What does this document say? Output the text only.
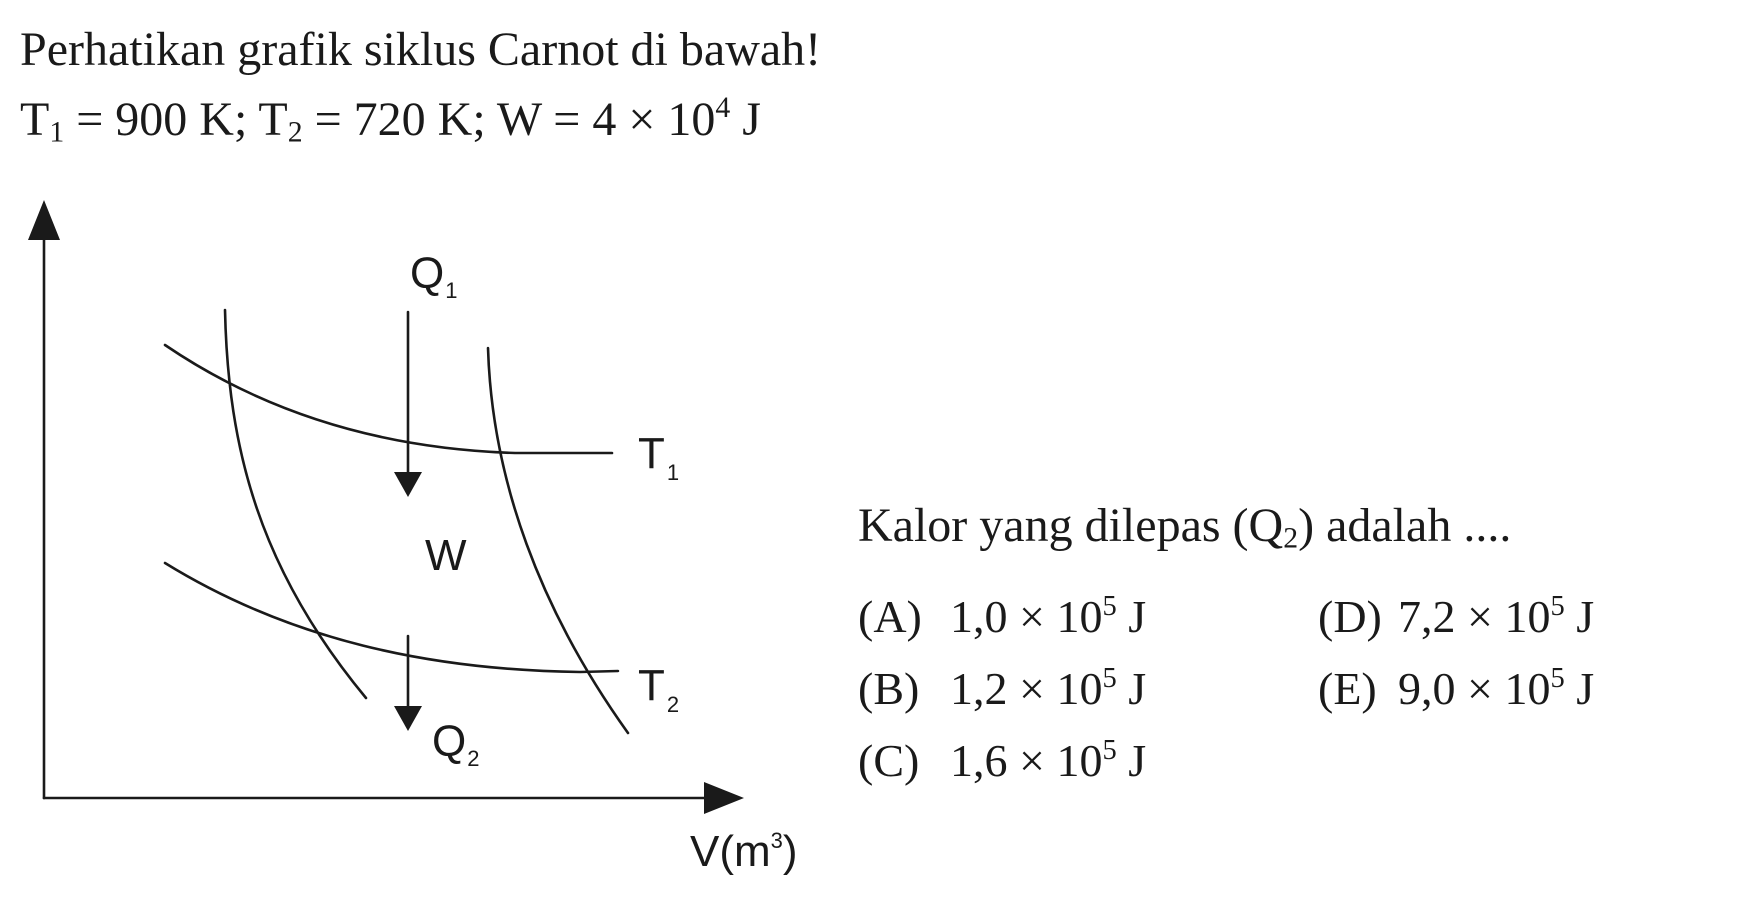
Perhatikan grafik siklus Carnot di bawah!
$T_1 = 900$ K; $T_2 = 720$ K; $W = 4 \times 10^4$ J
$Q_1$
$T_1$
W
$T_2$
$Q_2$
$V(m^3)$
Kalor yang dilepas $(Q_2)$ adalah ....
(A) $1,0 \times 10^5$ J
(B) $1,2 \times 10^5$ J
(C) $1,6 \times 10^5$ J
(D) $7,2 \times 10^5$ J
(E) $9,0 \times 10^5$ J
